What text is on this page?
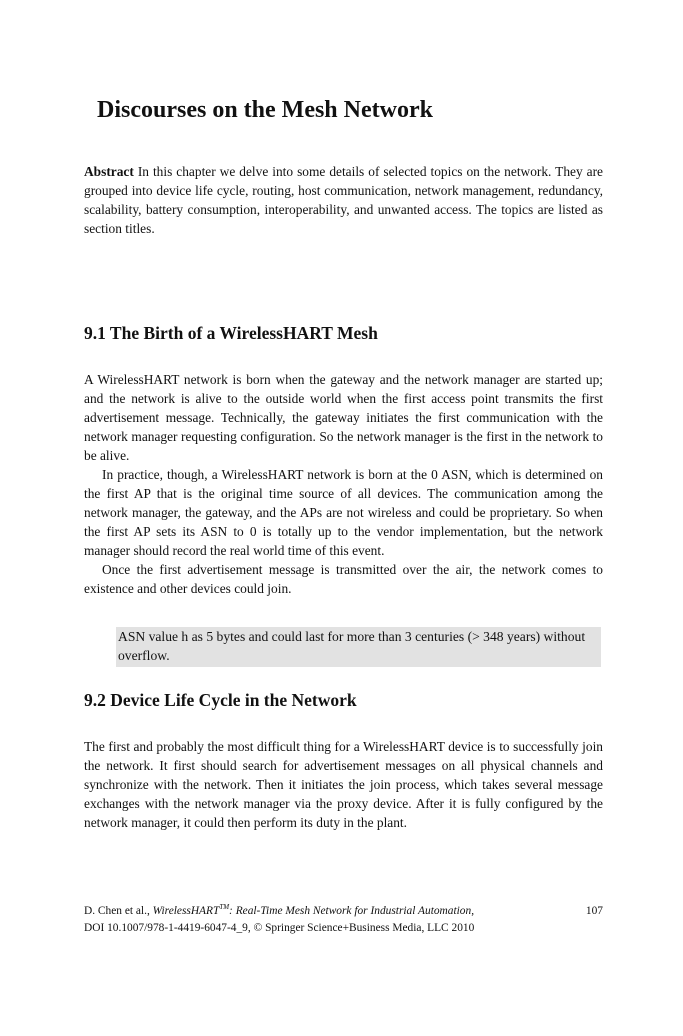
Discourses on the Mesh Network

Abstract In this chapter we delve into some details of selected topics on the network. They are grouped into device life cycle, routing, host communication, network management, redundancy, scalability, battery consumption, interoperability, and unwanted access. The topics are listed as section titles.

9.1 The Birth of a WirelessHART Mesh

A WirelessHART network is born when the gateway and the network manager are started up; and the network is alive to the outside world when the first access point transmits the first advertisement message. Technically, the gateway initiates the first communication with the network manager requesting configuration. So the network manager is the first in the network to be alive.

In practice, though, a WirelessHART network is born at the 0 ASN, which is determined on the first AP that is the original time source of all devices. The communication among the network manager, the gateway, and the APs are not wireless and could be proprietary. So when the first AP sets its ASN to 0 is totally up to the vendor implementation, but the network manager should record the real world time of this event.

Once the first advertisement message is transmitted over the air, the network comes to existence and other devices could join.

ASN value h as 5 bytes and could last for more than 3 centuries (> 348 years) without overflow.
9.2 Device Life Cycle in the Network

The first and probably the most difficult thing for a WirelessHART device is to successfully join the network. It first should search for advertisement messages on all physical channels and synchronize with the network. Then it initiates the join process, which takes several message exchanges with the network manager via the proxy device. After it is fully configured by the network manager, it could then perform its duty in the plant.

D. Chen et al., WirelessHART™: Real-Time Mesh Network for Industrial Automation,
DOI 10.1007/978-1-4419-6047-4_9, © Springer Science+Business Media, LLC 2010
107
